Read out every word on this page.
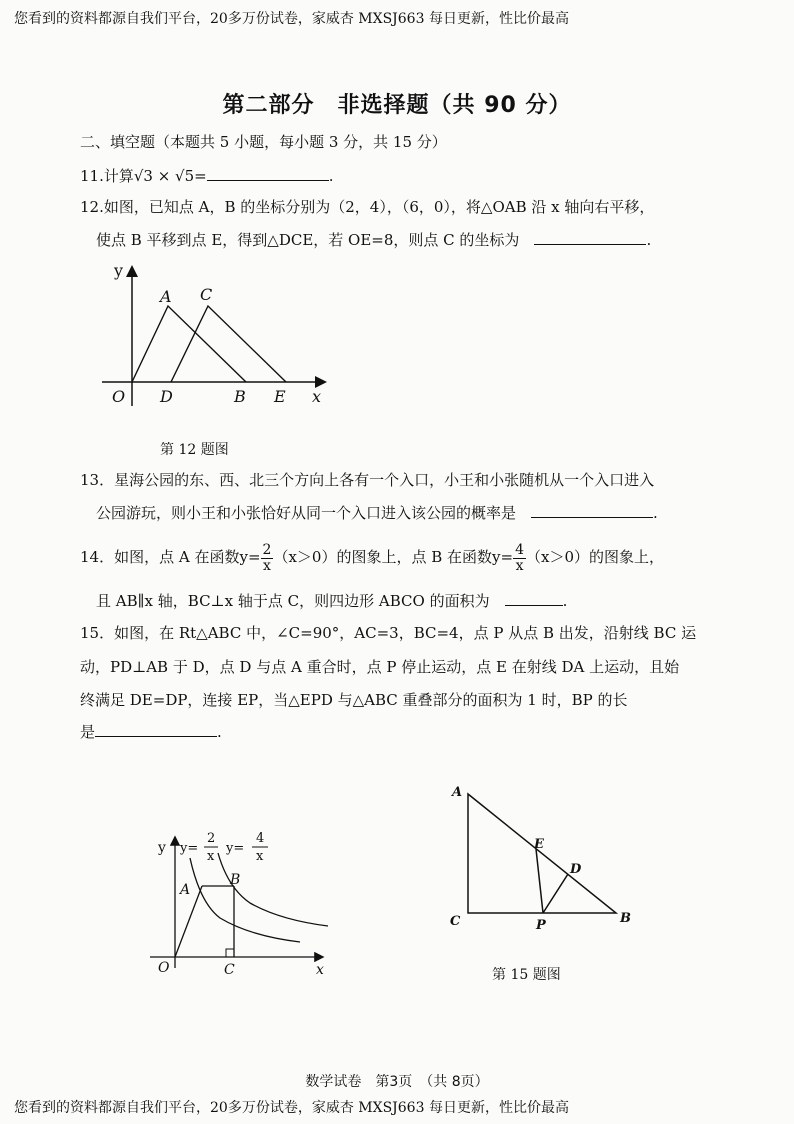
您看到的资料都源自我们平台，20多万份试卷，家威杏 MXSJ663 每日更新，性比价最高
第二部分　非选择题（共 90 分）
二、填空题（本题共 5 小题，每小题 3 分，共 15 分）
11.计算√3 × √5=	.
12.如图，已知点 A，B 的坐标分别为（2，4），（6，0），将△OAB 沿 x 轴向右平移，
使点 B 平移到点 E，得到△DCE，若 OE=8，则点 C 的坐标为　	.
y
A C
O D	B E x
第 12 题图
13．星海公园的东、西、北三个方向上各有一个入口，小王和小张随机从一个入口进入
公园游玩，则小王和小张恰好从同一个入口进入该公园的概率是　	.
14．如图，点 A 在函数$y= \frac{2}{x} (x>0)$的图象上，点 B 在函数$y= \frac{4}{x} (x>0)$的图象上，
且 AB∥x 轴，BC⊥x 轴于点 C，则四边形 ABCO 的面积为　	.
15．如图，在 Rt△ABC 中，∠C=90°，AC=3，BC=4，点 P 从点 B 出发，沿射线 BC 运
动，PD⊥AB 于 D，点 D 与点 A 重合时，点 P 停止运动，点 E 在射线 DA 上运动，且始
终满足 DE=DP，连接 EP，当△EPD 与△ABC 重叠部分的面积为 1 时，BP 的长
是	.
y y=
2
x
y=
4
x
A
B
O	C	x
A
E
D
C	P	B
第 15 题图
数学试卷　第3页　（共 8页）
您看到的资料都源自我们平台，20多万份试卷，家威杏 MXSJ663 每日更新，性比价最高
